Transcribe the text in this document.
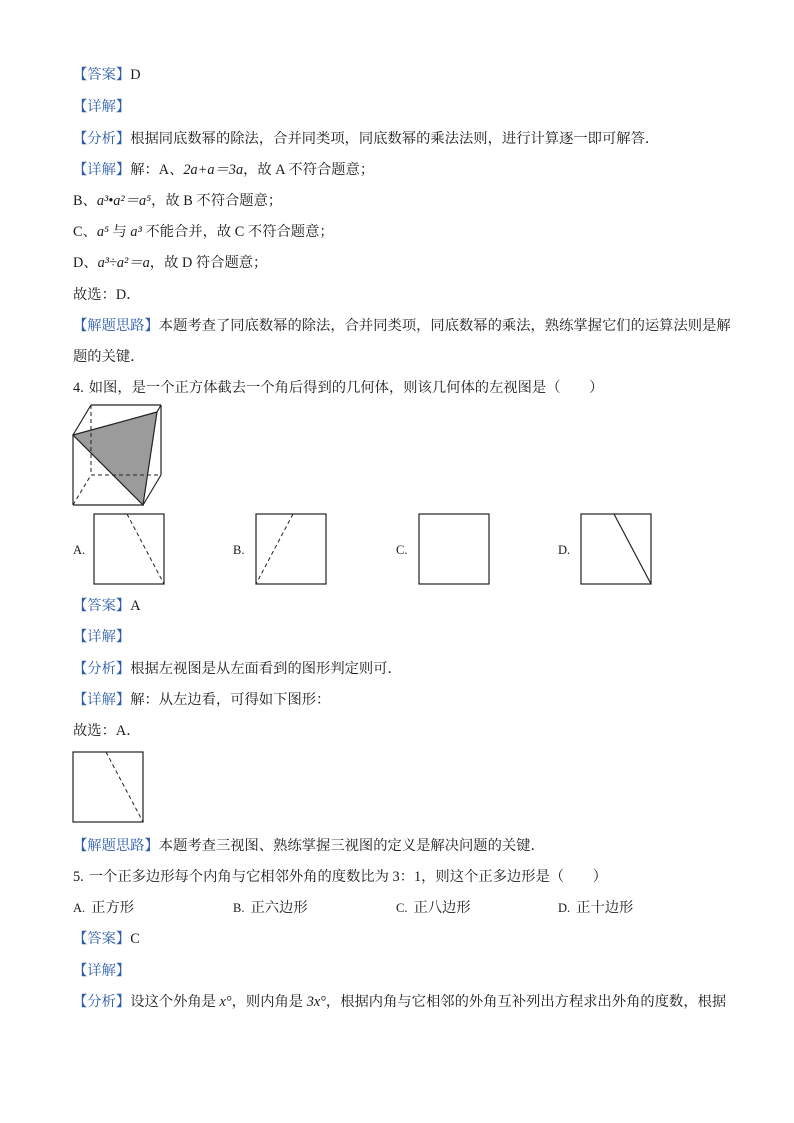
【答案】D
【详解】
【分析】根据同底数幂的除法，合并同类项，同底数幂的乘法法则，进行计算逐一即可解答．
【详解】解：A、2a+a＝3a，故 A 不符合题意；
B、a³•a²＝a⁵，故 B 不符合题意；
C、a⁵ 与 a³ 不能合并，故 C 不符合题意；
D、a³÷a²＝a，故 D 符合题意；
故选：D．
【解题思路】本题考查了同底数幂的除法，合并同类项，同底数幂的乘法，熟练掌握它们的运算法则是解
题的关键．
4. 如图，是一个正方体截去一个角后得到的几何体，则该几何体的左视图是（　　）
A.	B.	C.	D.
【答案】A
【详解】
【分析】根据左视图是从左面看到的图形判定则可．
【详解】解：从左边看，可得如下图形：
故选：A．
【解题思路】本题考查三视图、熟练掌握三视图的定义是解决问题的关键．
5. 一个正多边形每个内角与它相邻外角的度数比为 3：1，则这个正多边形是（　　）
A. 正方形	B. 正六边形	C. 正八边形	D. 正十边形
【答案】C
【详解】
【分析】设这个外角是 x°，则内角是 3x°，根据内角与它相邻的外角互补列出方程求出外角的度数，根据
